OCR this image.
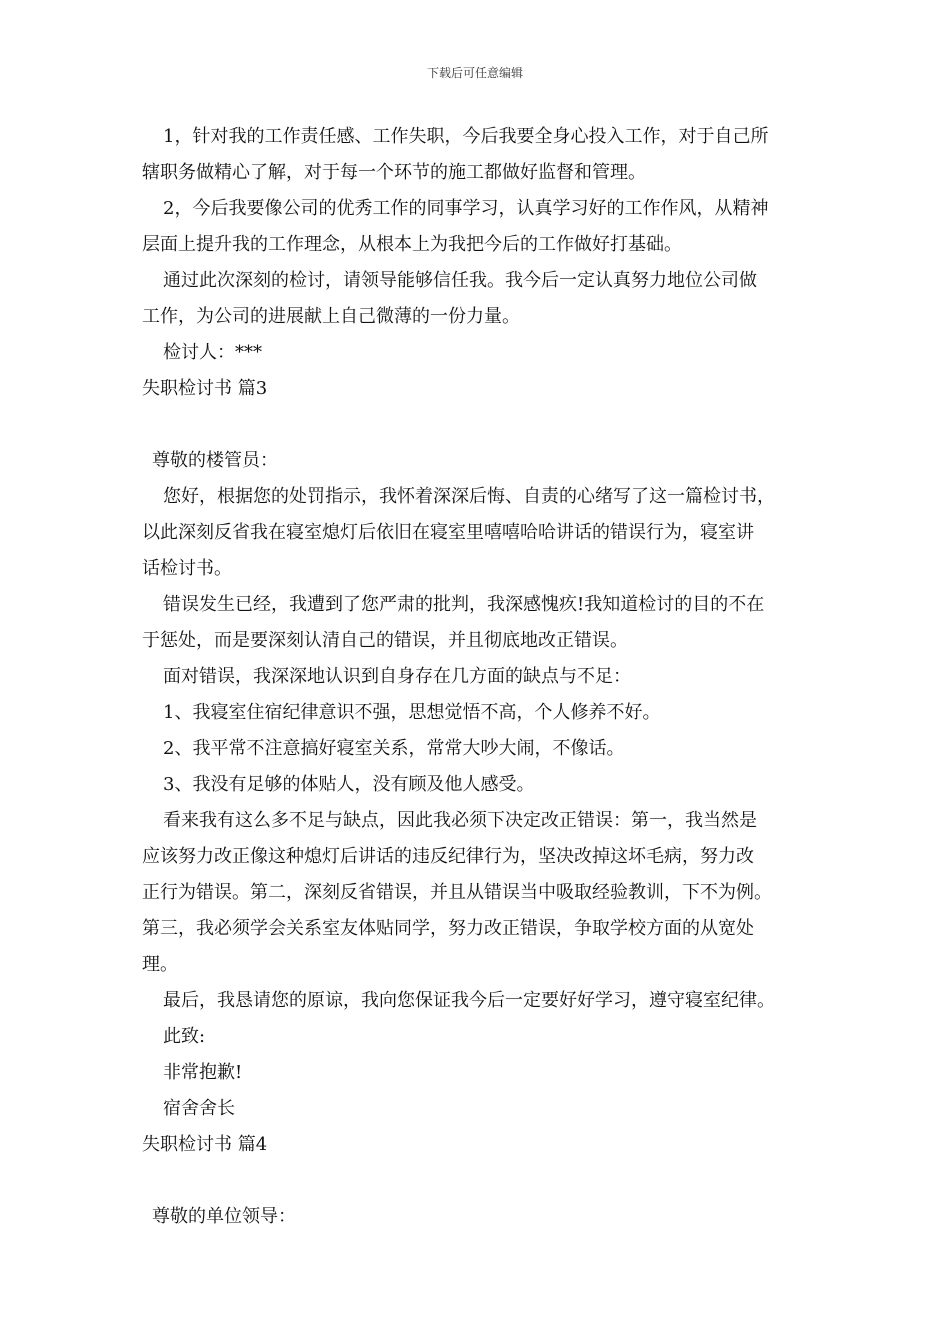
下载后可任意编辑
1，针对我的工作责任感、工作失职，今后我要全身心投入工作，对于自己所
辖职务做精心了解，对于每一个环节的施工都做好监督和管理。
2，今后我要像公司的优秀工作的同事学习，认真学习好的工作作风，从精神
层面上提升我的工作理念，从根本上为我把今后的工作做好打基础。
通过此次深刻的检讨，请领导能够信任我。我今后一定认真努力地位公司做
工作，为公司的进展献上自己微薄的一份力量。
检讨人：***
失职检讨书 篇3
尊敬的楼管员：
您好，根据您的处罚指示，我怀着深深后悔、自责的心绪写了这一篇检讨书，
以此深刻反省我在寝室熄灯后依旧在寝室里嘻嘻哈哈讲话的错误行为，寝室讲
话检讨书。
错误发生已经，我遭到了您严肃的批判，我深感愧疚!我知道检讨的目的不在
于惩处，而是要深刻认清自己的错误，并且彻底地改正错误。
面对错误，我深深地认识到自身存在几方面的缺点与不足：
1、我寝室住宿纪律意识不强，思想觉悟不高，个人修养不好。
2、我平常不注意搞好寝室关系，常常大吵大闹，不像话。
3、我没有足够的体贴人，没有顾及他人感受。
看来我有这么多不足与缺点，因此我必须下决定改正错误：第一，我当然是
应该努力改正像这种熄灯后讲话的违反纪律行为，坚决改掉这坏毛病，努力改
正行为错误。第二，深刻反省错误，并且从错误当中吸取经验教训，下不为例。
第三，我必须学会关系室友体贴同学，努力改正错误，争取学校方面的从宽处
理。
最后，我恳请您的原谅，我向您保证我今后一定要好好学习，遵守寝室纪律。
此致:
非常抱歉!
宿舍舍长
失职检讨书 篇4
尊敬的单位领导：
